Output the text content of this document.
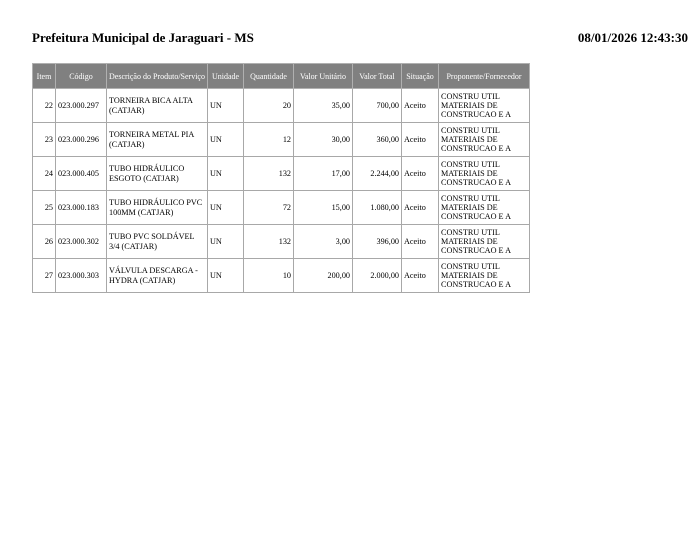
Prefeitura Municipal de Jaraguari - MS	08/01/2026 12:43:30
Item	Código	Descrição do Produto/Serviço	Unidade	Quantidade	Valor Unitário	Valor Total	Situação	Proponente/Fornecedor
22	023.000.297	TORNEIRA BICA ALTA (CATJAR)	UN	20	35,00	700,00	Aceito	CONSTRU UTIL MATERIAIS DE CONSTRUCAO E A
23	023.000.296	TORNEIRA METAL PIA (CATJAR)	UN	12	30,00	360,00	Aceito	CONSTRU UTIL MATERIAIS DE CONSTRUCAO E A
24	023.000.405	TUBO HIDRÁULICO ESGOTO (CATJAR)	UN	132	17,00	2.244,00	Aceito	CONSTRU UTIL MATERIAIS DE CONSTRUCAO E A
25	023.000.183	TUBO HIDRÁULICO PVC 100MM (CATJAR)	UN	72	15,00	1.080,00	Aceito	CONSTRU UTIL MATERIAIS DE CONSTRUCAO E A
26	023.000.302	TUBO PVC SOLDÁVEL 3/4 (CATJAR)	UN	132	3,00	396,00	Aceito	CONSTRU UTIL MATERIAIS DE CONSTRUCAO E A
27	023.000.303	VÁLVULA DESCARGA - HYDRA (CATJAR)	UN	10	200,00	2.000,00	Aceito	CONSTRU UTIL MATERIAIS DE CONSTRUCAO E A
